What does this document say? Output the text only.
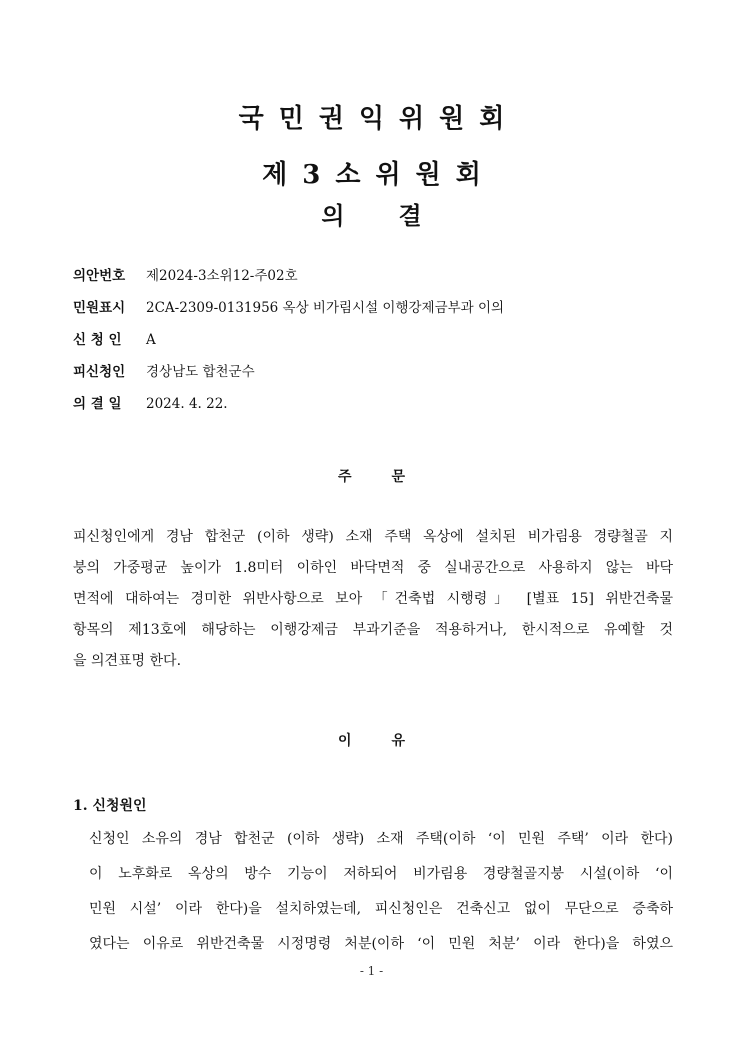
국민권익위원회
제3소위원회
의 결
의안번호 제2024-3소위12-주02호
민원표시 2CA-2309-0131956 옥상 비가림시설 이행강제금부과 이의
신 청 인 A
피신청인 경상남도 합천군수
의 결 일 2024. 4. 22.
주	문
피신청인에게 경남 합천군 (이하 생략) 소재 주택 옥상에 설치된 비가림용 경량철골 지
붕의 가중평균 높이가 1.8미터 이하인 바닥면적 중 실내공간으로 사용하지 않는 바닥
면적에 대하여는 경미한 위반사항으로 보아 「건축법 시행령」 [별표 15] 위반건축물
항목의 제13호에 해당하는 이행강제금 부과기준을 적용하거나, 한시적으로 유예할 것
을 의견표명 한다.
이	유
1. 신청원인
신청인 소유의 경남 합천군 (이하 생략) 소재 주택(이하 ‘이 민원 주택’ 이라 한다)
이 노후화로 옥상의 방수 기능이 저하되어 비가림용 경량철골지붕 시설(이하 ‘이
민원 시설’ 이라 한다)을 설치하였는데, 피신청인은 건축신고 없이 무단으로 증축하
였다는 이유로 위반건축물 시정명령 처분(이하 ‘이 민원 처분’ 이라 한다)을 하였으
- 1 -
